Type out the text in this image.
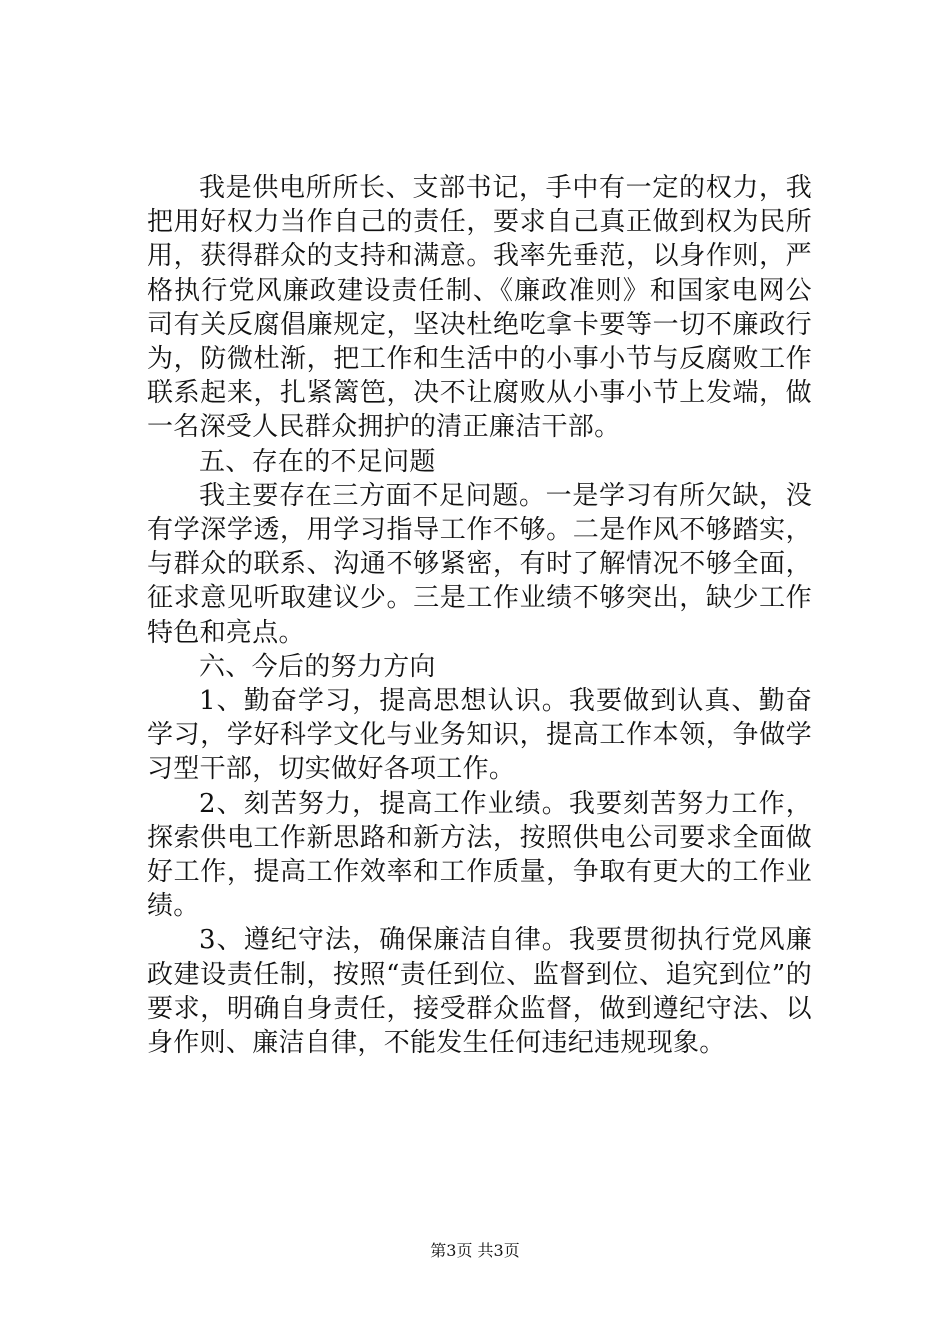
我是供电所所长、支部书记，手中有一定的权力，我把用好权力当作自己的责任，要求自己真正做到权为民所用，获得群众的支持和满意。我率先垂范，以身作则，严格执行党风廉政建设责任制、《廉政准则》和国家电网公司有关反腐倡廉规定，坚决杜绝吃拿卡要等一切不廉政行为，防微杜渐，把工作和生活中的小事小节与反腐败工作联系起来，扎紧篱笆，决不让腐败从小事小节上发端，做一名深受人民群众拥护的清正廉洁干部。

五、存在的不足问题

我主要存在三方面不足问题。一是学习有所欠缺，没有学深学透，用学习指导工作不够。二是作风不够踏实，与群众的联系、沟通不够紧密，有时了解情况不够全面，征求意见听取建议少。三是工作业绩不够突出，缺少工作特色和亮点。

六、今后的努力方向

1、勤奋学习，提高思想认识。我要做到认真、勤奋学习，学好科学文化与业务知识，提高工作本领，争做学习型干部，切实做好各项工作。

2、刻苦努力，提高工作业绩。我要刻苦努力工作，探索供电工作新思路和新方法，按照供电公司要求全面做好工作，提高工作效率和工作质量，争取有更大的工作业绩。

3、遵纪守法，确保廉洁自律。我要贯彻执行党风廉政建设责任制，按照“责任到位、监督到位、追究到位”的要求，明确自身责任，接受群众监督，做到遵纪守法、以身作则、廉洁自律，不能发生任何违纪违规现象。

第3页 共3页
